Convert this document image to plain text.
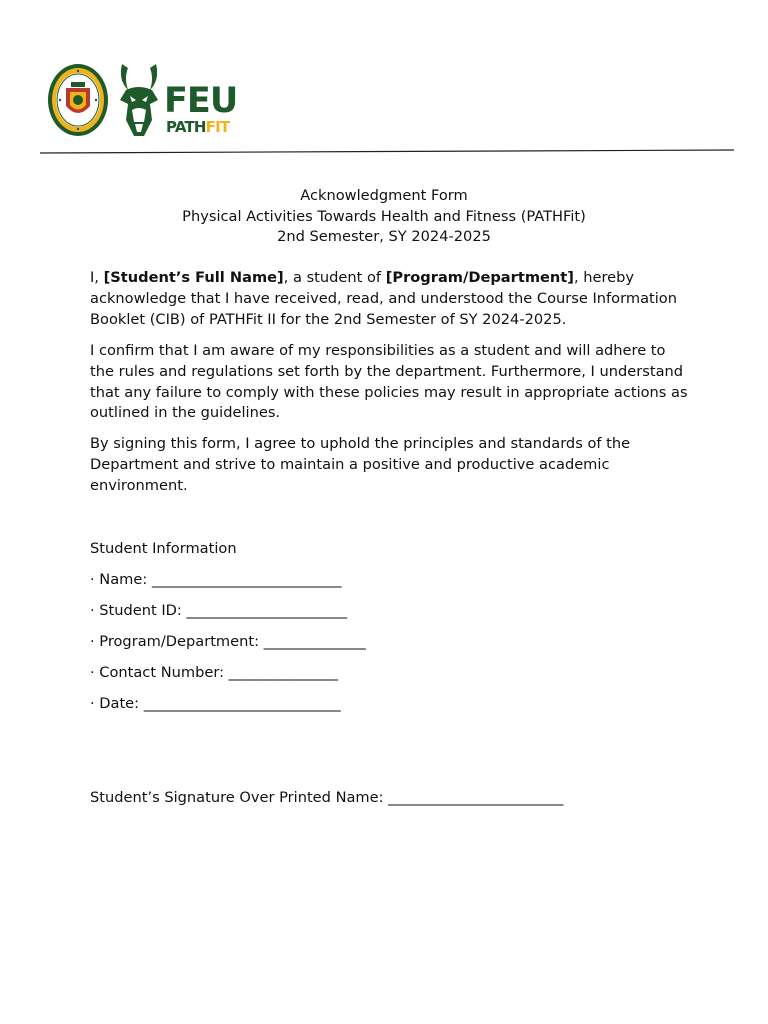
FEU
PATHFIT
Acknowledgment Form
Physical Activities Towards Health and Fitness (PATHFit)
2nd Semester, SY 2024-2025
I, [Student’s Full Name], a student of [Program/Department], hereby acknowledge that I have received, read, and understood the Course Information Booklet (CIB) of PATHFit II for the 2nd Semester of SY 2024-2025.
I confirm that I am aware of my responsibilities as a student and will adhere to the rules and regulations set forth by the department. Furthermore, I understand that any failure to comply with these policies may result in appropriate actions as outlined in the guidelines.
By signing this form, I agree to uphold the principles and standards of the Department and strive to maintain a positive and productive academic environment.
Student Information
· Name: __________________________
· Student ID: ______________________
· Program/Department: ______________
· Contact Number: _______________
· Date: ___________________________
Student’s Signature Over Printed Name: ________________________
